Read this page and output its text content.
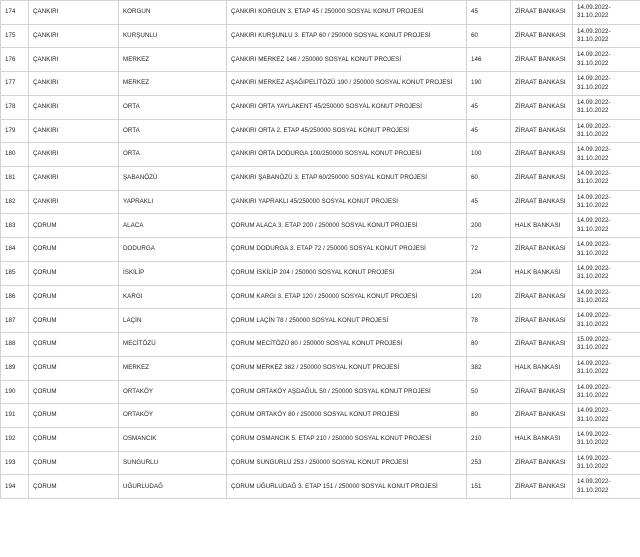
174	ÇANKIRI	KORGUN	ÇANKIRI KORGUN 3. ETAP 45 / 250000 SOSYAL KONUT PROJESİ	45	ZİRAAT BANKASI	14.09.2022-31.10.2022
175	ÇANKIRI	KURŞUNLU	ÇANKIRI KURŞUNLU 3. ETAP 60 / 250000 SOSYAL KONUT PROJESİ	60	ZİRAAT BANKASI	14.09.2022-31.10.2022
176	ÇANKIRI	MERKEZ	ÇANKIRI MERKEZ 146 / 250000 SOSYAL KONUT PROJESİ	146	ZİRAAT BANKASI	14.09.2022-31.10.2022
177	ÇANKIRI	MERKEZ	ÇANKIRI MERKEZ AŞAĞIPELİTÖZÜ 190 / 250000 SOSYAL KONUT PROJESİ	190	ZİRAAT BANKASI	14.09.2022-31.10.2022
178	ÇANKIRI	ORTA	ÇANKIRI ORTA YAYLAKENT 45/250000 SOSYAL KONUT PROJESİ	45	ZİRAAT BANKASI	14.09.2022-31.10.2022
179	ÇANKIRI	ORTA	ÇANKIRI ORTA 2. ETAP 45/250000 SOSYAL KONUT PROJESİ	45	ZİRAAT BANKASI	14.09.2022-31.10.2022
180	ÇANKIRI	ORTA	ÇANKIRI ORTA DODURGA 100/250000 SOSYAL KONUT PROJESİ	100	ZİRAAT BANKASI	14.09.2022-31.10.2022
181	ÇANKIRI	ŞABANÖZÜ	ÇANKIRI ŞABANÖZÜ 3. ETAP 60/250000 SOSYAL KONUT PROJESİ	60	ZİRAAT BANKASI	14.09.2022-31.10.2022
182	ÇANKIRI	YAPRAKLI	ÇANKIRI YAPRAKLI 45/250000 SOSYAL KONUT PROJESİ	45	ZİRAAT BANKASI	14.09.2022-31.10.2022
183	ÇORUM	ALACA	ÇORUM ALACA 3. ETAP 200 / 250000 SOSYAL KONUT PROJESİ	200	HALK BANKASI	14.09.2022-31.10.2022
184	ÇORUM	DODURGA	ÇORUM DODURGA 3. ETAP 72 / 250000 SOSYAL KONUT PROJESİ	72	ZİRAAT BANKASI	14.09.2022-31.10.2022
185	ÇORUM	İSKİLİP	ÇORUM İSKİLİP 204 / 250000 SOSYAL KONUT PROJESİ	204	HALK BANKASI	14.09.2022-31.10.2022
186	ÇORUM	KARGI	ÇORUM KARGI 3. ETAP 120 / 250000 SOSYAL KONUT PROJESİ	120	ZİRAAT BANKASI	14.09.2022-31.10.2022
187	ÇORUM	LAÇİN	ÇORUM LAÇİN 78 / 250000 SOSYAL KONUT PROJESİ	78	ZİRAAT BANKASI	14.09.2022-31.10.2022
188	ÇORUM	MECİTÖZÜ	ÇORUM MECİTÖZÜ 80 / 250000 SOSYAL KONUT PROJESİ	80	ZİRAAT BANKASI	15.09.2022-31.10.2022
189	ÇORUM	MERKEZ	ÇORUM MERKEZ 382 / 250000 SOSYAL KONUT PROJESİ	382	HALK BANKASI	14.09.2022-31.10.2022
190	ÇORUM	ORTAKÖY	ÇORUM ORTAKÖY AŞDAĞUL 50 / 250000 SOSYAL KONUT PROJESİ	50	ZİRAAT BANKASI	14.09.2022-31.10.2022
191	ÇORUM	ORTAKÖY	ÇORUM ORTAKÖY 80 / 250000 SOSYAL KONUT PROJESİ	80	ZİRAAT BANKASI	14.09.2022-31.10.2022
192	ÇORUM	OSMANCIK	ÇORUM OSMANCIK 5. ETAP 210 / 250000 SOSYAL KONUT PROJESİ	210	HALK BANKASI	14.09.2022-31.10.2022
193	ÇORUM	SUNGURLU	ÇORUM SUNGURLU 253 / 250000 SOSYAL KONUT PROJESİ	253	ZİRAAT BANKASI	14.09.2022-31.10.2022
194	ÇORUM	UĞURLUDAĞ	ÇORUM UĞURLUDAĞ 3. ETAP 151 / 250000 SOSYAL KONUT PROJESİ	151	ZİRAAT BANKASI	14.09.2022-31.10.2022
